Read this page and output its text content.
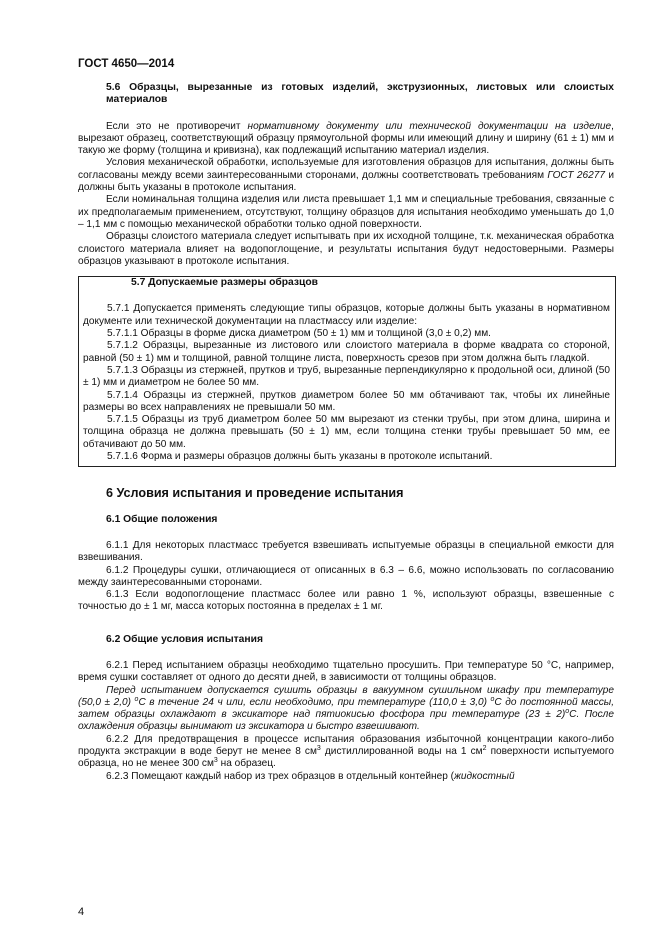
ГОСТ 4650—2014

5.6 Образцы, вырезанные из готовых изделий, экструзионных, листовых или слоистых материалов

Если это не противоречит нормативному документу или технической документации на изделие, вырезают образец, соответствующий образцу прямоугольной формы или имеющий длину и ширину (61 ± 1) мм и такую же форму (толщина и кривизна), как подлежащий испытанию материал изделия.

Условия механической обработки, используемые для изготовления образцов для испытания, должны быть согласованы между всеми заинтересованными сторонами, должны соответствовать требованиям ГОСТ 26277 и должны быть указаны в протоколе испытания.

Если номинальная толщина изделия или листа превышает 1,1 мм и специальные требования, связанные с их предполагаемым применением, отсутствуют, толщину образцов для испытания необходимо уменьшать до 1,0 – 1,1 мм с помощью механической обработки только одной поверхности.

Образцы слоистого материала следует испытывать при их исходной толщине, т.к. механическая обработка слоистого материала влияет на водопоглощение, и результаты испытания будут недостоверными. Размеры образцов указывают в протоколе испытания.

5.7 Допускаемые размеры образцов

5.7.1 Допускается применять следующие типы образцов, которые должны быть указаны в нормативном документе или технической документации на пластмассу или изделие:

5.7.1.1 Образцы в форме диска диаметром (50 ± 1) мм и толщиной (3,0 ± 0,2) мм.

5.7.1.2 Образцы, вырезанные из листового или слоистого материала в форме квадрата со стороной, равной (50 ± 1) мм и толщиной, равной толщине листа, поверхность срезов при этом должна быть гладкой.

5.7.1.3 Образцы из стержней, прутков и труб, вырезанные перпендикулярно к продольной оси, длиной (50 ± 1) мм и диаметром не более 50 мм.

5.7.1.4 Образцы из стержней, прутков диаметром более 50 мм обтачивают так, чтобы их линейные размеры во всех направлениях не превышали 50 мм.

5.7.1.5 Образцы из труб диаметром более 50 мм вырезают из стенки трубы, при этом длина, ширина и толщина образца не должна превышать (50 ± 1) мм, если толщина стенки трубы превышает 50 мм, ее обтачивают до 50 мм.

5.7.1.6 Форма и размеры образцов должны быть указаны в протоколе испытаний.

6 Условия испытания и проведение испытания

6.1 Общие положения

6.1.1 Для некоторых пластмасс требуется взвешивать испытуемые образцы в специальной емкости для взвешивания.

6.1.2 Процедуры сушки, отличающиеся от описанных в 6.3 – 6.6, можно использовать по согласованию между заинтересованными сторонами.

6.1.3 Если водопоглощение пластмасс более или равно 1 %, используют образцы, взвешенные с точностью до ± 1 мг, масса которых постоянна в пределах ± 1 мг.

6.2 Общие условия испытания

6.2.1 Перед испытанием образцы необходимо тщательно просушить. При температуре 50 °С, например, время сушки составляет от одного до десяти дней, в зависимости от толщины образцов.

Перед испытанием допускается сушить образцы в вакуумном сушильном шкафу при температуре (50,0 ± 2,0) $^o$С в течение 24 ч или, если необходимо, при температуре (110,0 ± 3,0) $^o$С до постоянной массы, затем образцы охлаждают в эксикаторе над пятиокисью фосфора при температуре $(23 \pm 2)^oС$. После охлаждения образцы вынимают из эксикатора и быстро взвешивают.

6.2.2 Для предотвращения в процессе испытания образования избыточной концентрации какого-либо продукта экстракции в воде берут не менее 8 $см^3$ дистиллированной воды на 1 $см^2$ поверхности испытуемого образца, но не менее 300 $см^3$ на образец.

6.2.3 Помещают каждый набор из трех образцов в отдельный контейнер (жидкостный

4
